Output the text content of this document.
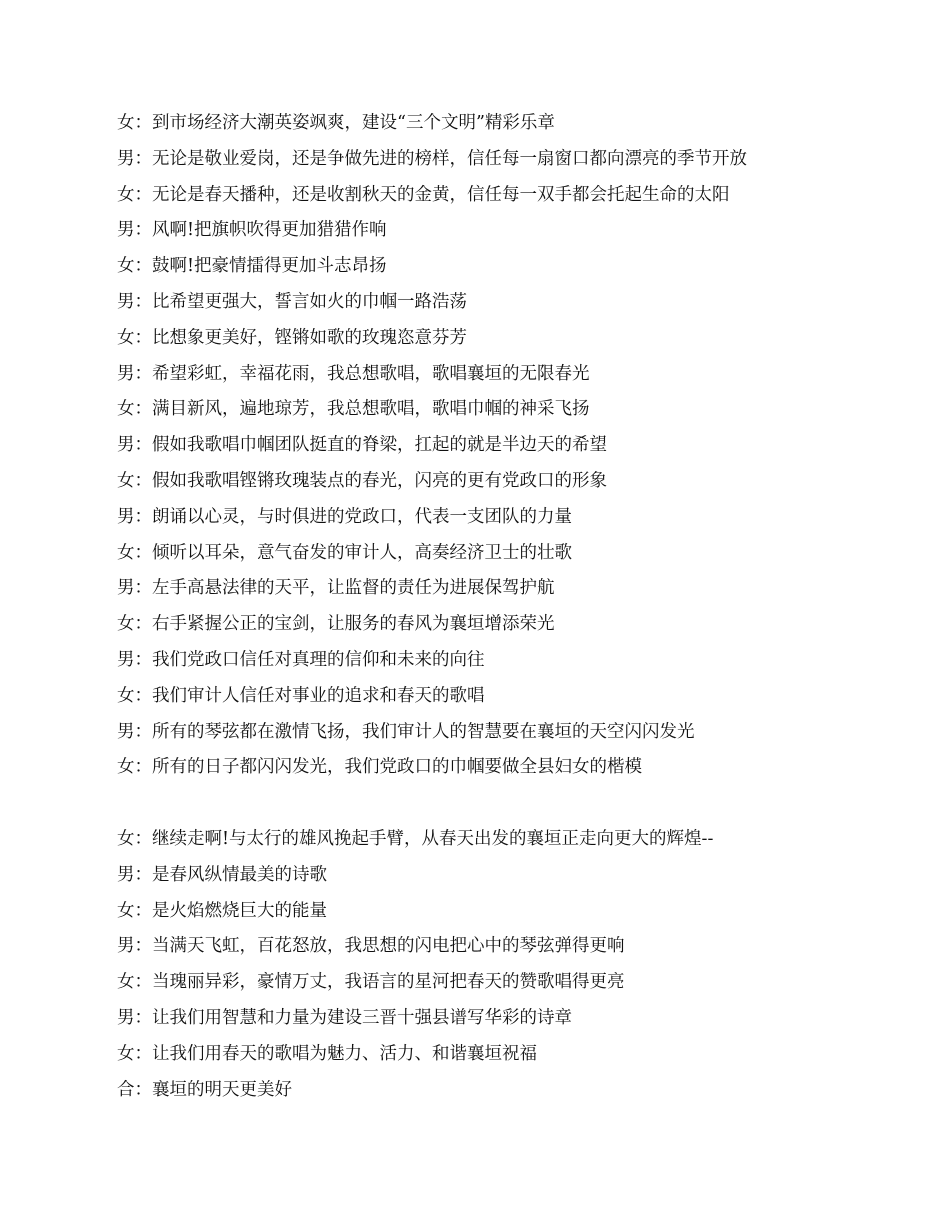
女：到市场经济大潮英姿飒爽，建设“三个文明”精彩乐章
男：无论是敬业爱岗，还是争做先进的榜样，信任每一扇窗口都向漂亮的季节开放
女：无论是春天播种，还是收割秋天的金黄，信任每一双手都会托起生命的太阳
男：风啊!把旗帜吹得更加猎猎作响
女：鼓啊!把豪情擂得更加斗志昂扬
男：比希望更强大，誓言如火的巾帼一路浩荡
女：比想象更美好，铿锵如歌的玫瑰恣意芬芳
男：希望彩虹，幸福花雨，我总想歌唱，歌唱襄垣的无限春光
女：满目新风，遍地琼芳，我总想歌唱，歌唱巾帼的神采飞扬
男：假如我歌唱巾帼团队挺直的脊梁，扛起的就是半边天的希望
女：假如我歌唱铿锵玫瑰装点的春光，闪亮的更有党政口的形象
男：朗诵以心灵，与时俱进的党政口，代表一支团队的力量
女：倾听以耳朵，意气奋发的审计人，高奏经济卫士的壮歌
男：左手高悬法律的天平，让监督的责任为进展保驾护航
女：右手紧握公正的宝剑，让服务的春风为襄垣增添荣光
男：我们党政口信任对真理的信仰和未来的向往
女：我们审计人信任对事业的追求和春天的歌唱
男：所有的琴弦都在激情飞扬，我们审计人的智慧要在襄垣的天空闪闪发光
女：所有的日子都闪闪发光，我们党政口的巾帼要做全县妇女的楷模
女：继续走啊!与太行的雄风挽起手臂，从春天出发的襄垣正走向更大的辉煌--
男：是春风纵情最美的诗歌
女：是火焰燃烧巨大的能量
男：当满天飞虹，百花怒放，我思想的闪电把心中的琴弦弹得更响
女：当瑰丽异彩，豪情万丈，我语言的星河把春天的赞歌唱得更亮
男：让我们用智慧和力量为建设三晋十强县谱写华彩的诗章
女：让我们用春天的歌唱为魅力、活力、和谐襄垣祝福
合：襄垣的明天更美好
